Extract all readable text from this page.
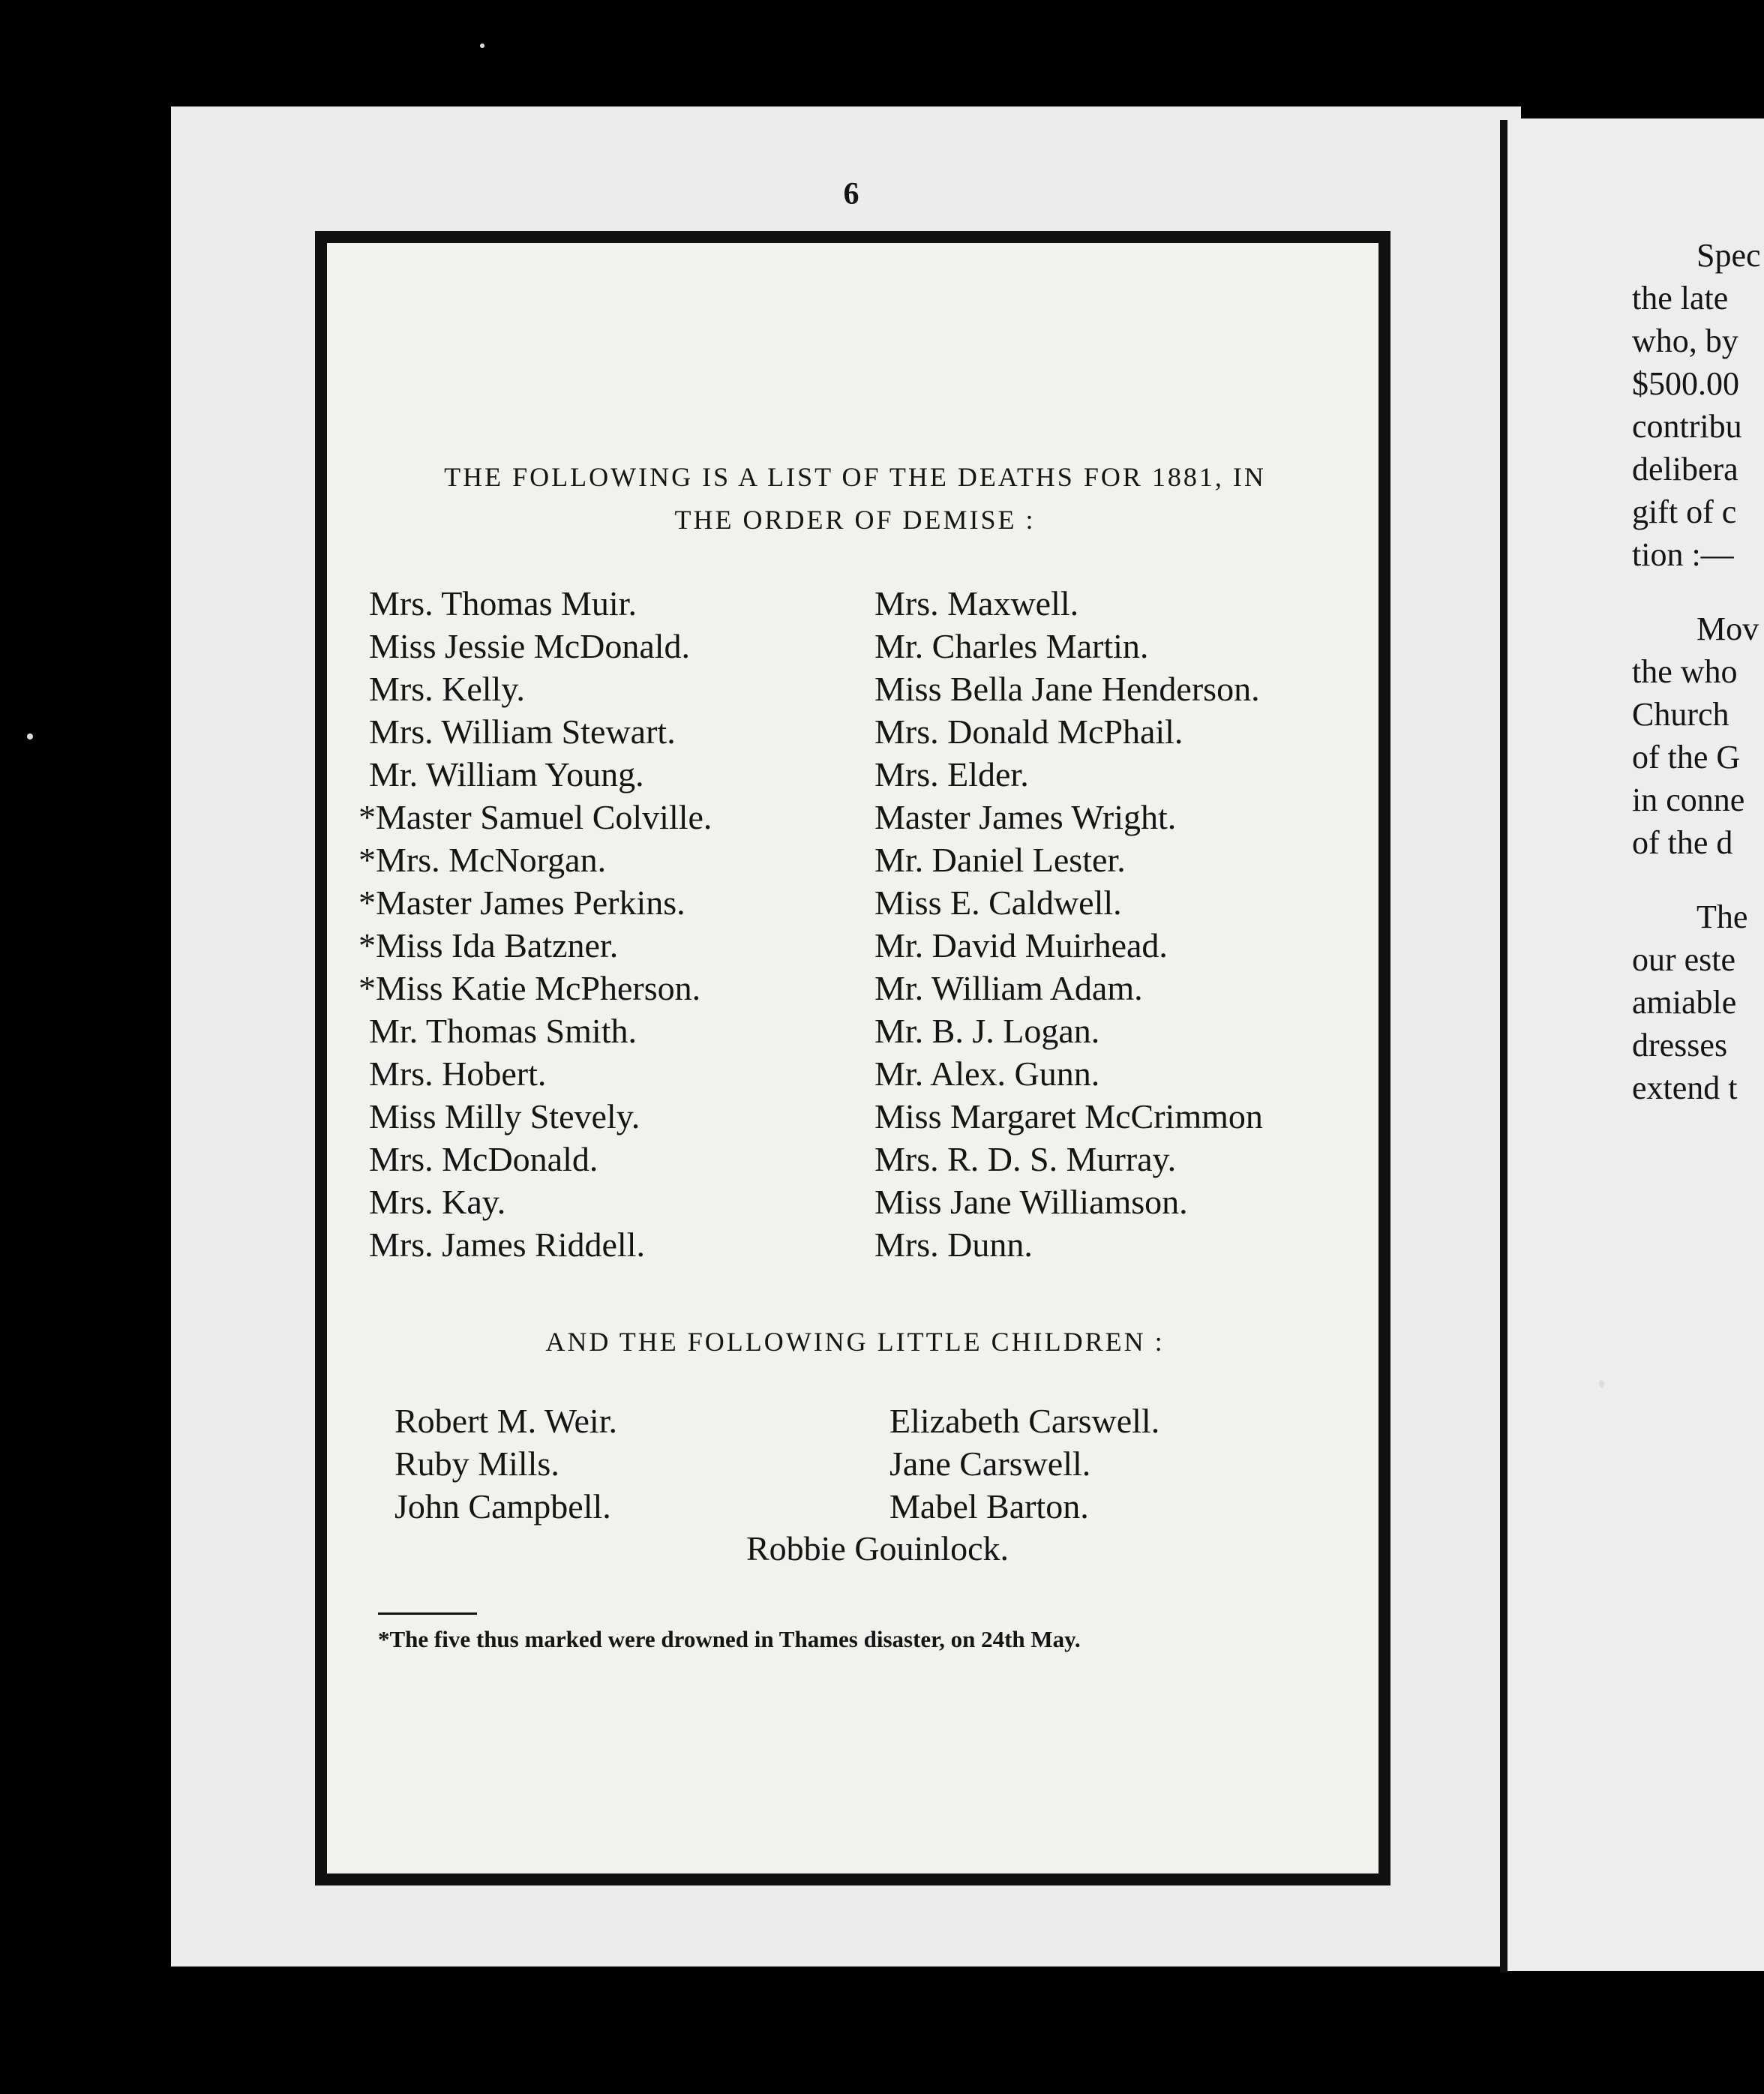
6
THE FOLLOWING IS A LIST OF THE DEATHS FOR 1881, IN
THE ORDER OF DEMISE :
Mrs. Thomas Muir.
Miss Jessie McDonald.
Mrs. Kelly.
Mrs. William Stewart.
Mr. William Young.
*Master Samuel Colville.
*Mrs. McNorgan.
*Master James Perkins.
*Miss Ida Batzner.
*Miss Katie McPherson.
Mr. Thomas Smith.
Mrs. Hobert.
Miss Milly Stevely.
Mrs. McDonald.
Mrs. Kay.
Mrs. James Riddell.
Mrs. Maxwell.
Mr. Charles Martin.
Miss Bella Jane Henderson.
Mrs. Donald McPhail.
Mrs. Elder.
Master James Wright.
Mr. Daniel Lester.
Miss E. Caldwell.
Mr. David Muirhead.
Mr. William Adam.
Mr. B. J. Logan.
Mr. Alex. Gunn.
Miss Margaret McCrimmon
Mrs. R. D. S. Murray.
Miss Jane Williamson.
Mrs. Dunn.
AND THE FOLLOWING LITTLE CHILDREN :
Robert M. Weir.
Ruby Mills.
John Campbell.
Elizabeth Carswell.
Jane Carswell.
Mabel Barton.
Robbie Gouinlock.
*The five thus marked were drowned in Thames disaster, on 24th May.

Spec

the late

who, by

$500.00

contribu

delibera

gift of c

tion :—

Mov

the who

Church

of the G

in conne

of the d

The

our este

amiable

dresses

extend t
